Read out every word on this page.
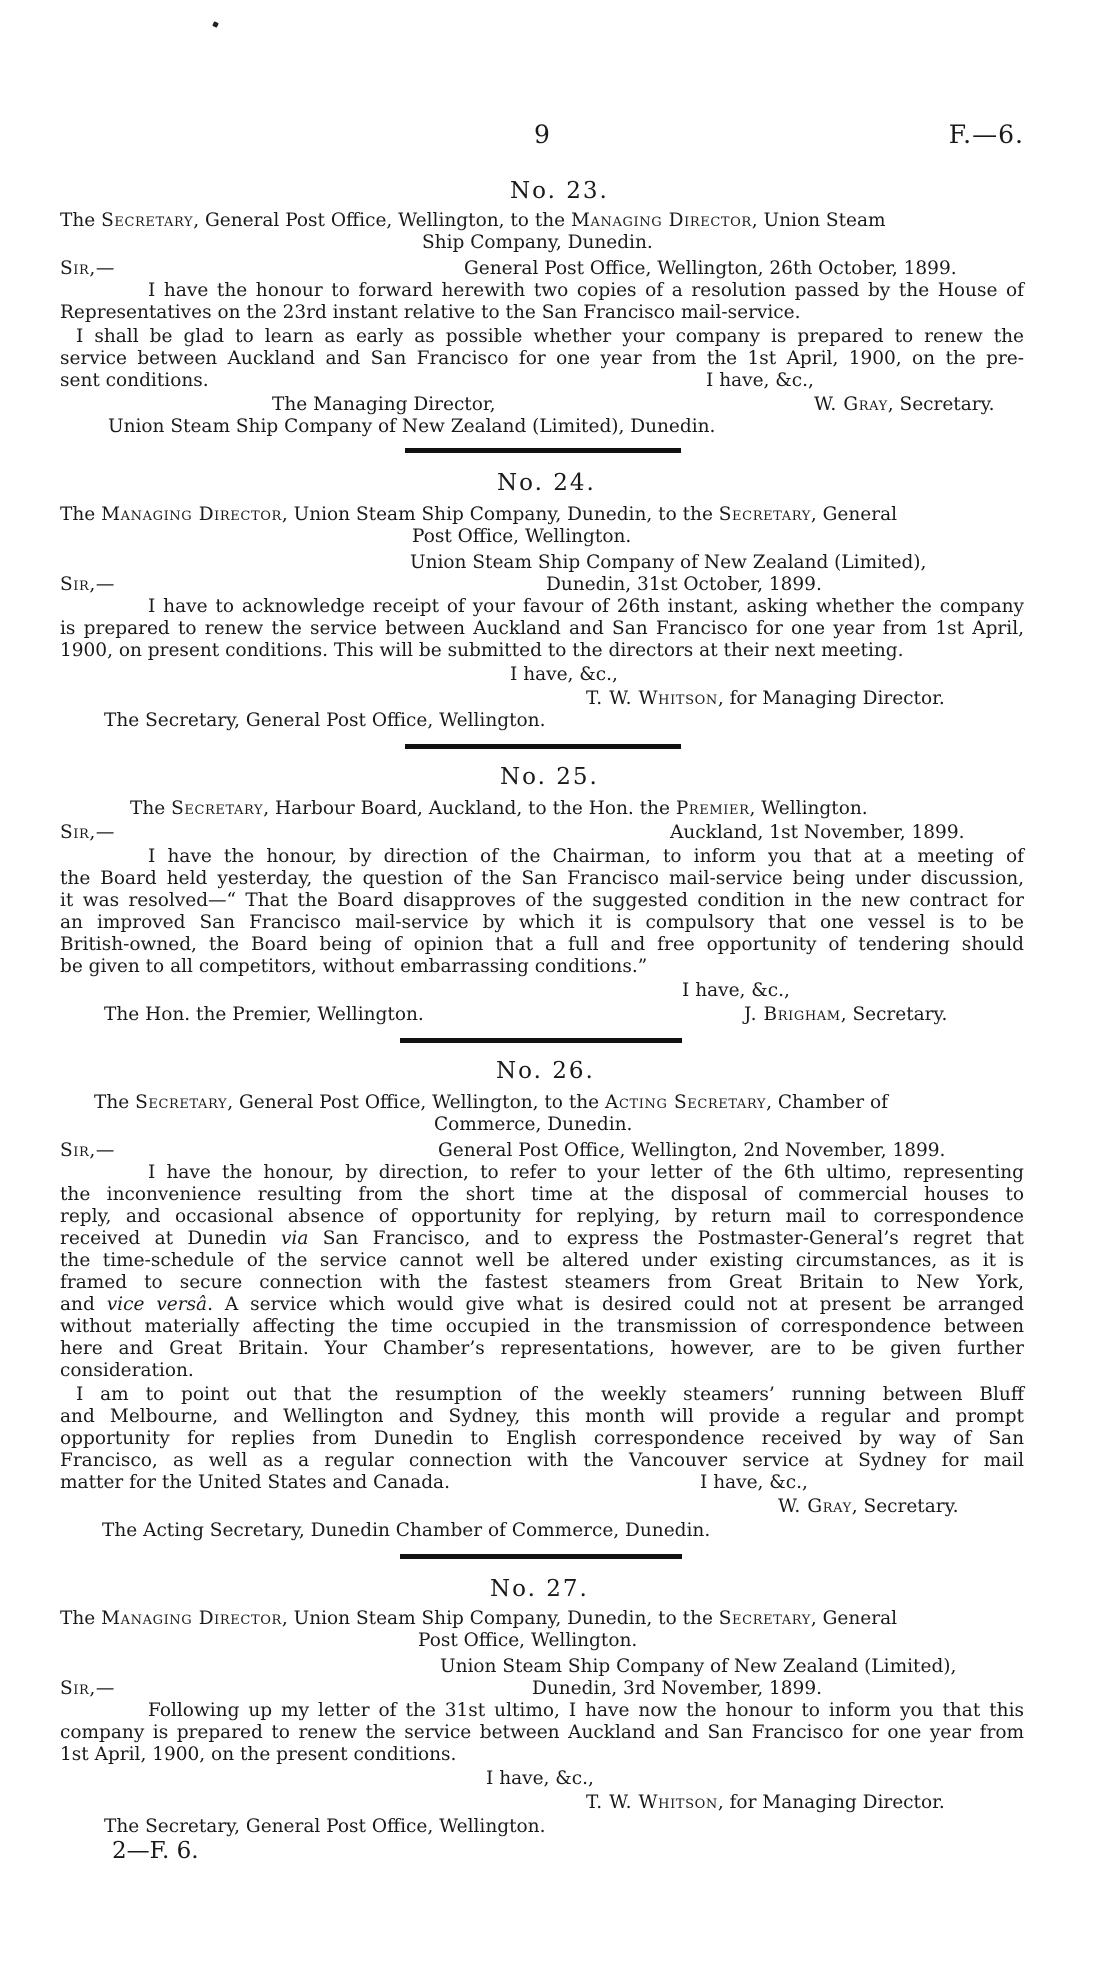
9	F.—6.
No. 23.
The Secretary, General Post Office, Wellington, to the Managing Director, Union Steam
Ship Company, Dunedin.
Sir,—	General Post Office, Wellington, 26th October, 1899.
I have the honour to forward herewith two copies of a resolution passed by the House of
Representatives on the 23rd instant relative to the San Francisco mail-service.
I shall be glad to learn as early as possible whether your company is prepared to renew the
service between Auckland and San Francisco for one year from the 1st April, 1900, on the pre-
sent conditions.	I have, &c.,
The Managing Director,	W. Gray, Secretary.
Union Steam Ship Company of New Zealand (Limited), Dunedin.
No. 24.
The Managing Director, Union Steam Ship Company, Dunedin, to the Secretary, General
Post Office, Wellington.
Union Steam Ship Company of New Zealand (Limited),
Sir,—	Dunedin, 31st October, 1899.
I have to acknowledge receipt of your favour of 26th instant, asking whether the company
is prepared to renew the service between Auckland and San Francisco for one year from 1st April,
1900, on present conditions. This will be submitted to the directors at their next meeting.
I have, &c.,
T. W. Whitson, for Managing Director.
The Secretary, General Post Office, Wellington.
No. 25.
The Secretary, Harbour Board, Auckland, to the Hon. the Premier, Wellington.
Sir,—	Auckland, 1st November, 1899.
I have the honour, by direction of the Chairman, to inform you that at a meeting of
the Board held yesterday, the question of the San Francisco mail-service being under discussion,
it was resolved—“ That the Board disapproves of the suggested condition in the new contract for
an improved San Francisco mail-service by which it is compulsory that one vessel is to be
British-owned, the Board being of opinion that a full and free opportunity of tendering should
be given to all competitors, without embarrassing conditions.”
I have, &c.,
The Hon. the Premier, Wellington.	J. Brigham, Secretary.
No. 26.
The Secretary, General Post Office, Wellington, to the Acting Secretary, Chamber of
Commerce, Dunedin.
Sir,—	General Post Office, Wellington, 2nd November, 1899.
I have the honour, by direction, to refer to your letter of the 6th ultimo, representing
the inconvenience resulting from the short time at the disposal of commercial houses to
reply, and occasional absence of opportunity for replying, by return mail to correspondence
received at Dunedin via San Francisco, and to express the Postmaster-General’s regret that
the time-schedule of the service cannot well be altered under existing circumstances, as it is
framed to secure connection with the fastest steamers from Great Britain to New York,
and vice versâ. A service which would give what is desired could not at present be arranged
without materially affecting the time occupied in the transmission of correspondence between
here and Great Britain. Your Chamber’s representations, however, are to be given further
consideration.
I am to point out that the resumption of the weekly steamers’ running between Bluff
and Melbourne, and Wellington and Sydney, this month will provide a regular and prompt
opportunity for replies from Dunedin to English correspondence received by way of San
Francisco, as well as a regular connection with the Vancouver service at Sydney for mail
matter for the United States and Canada.	I have, &c.,
W. Gray, Secretary.
The Acting Secretary, Dunedin Chamber of Commerce, Dunedin.
No. 27.
The Managing Director, Union Steam Ship Company, Dunedin, to the Secretary, General
Post Office, Wellington.
Union Steam Ship Company of New Zealand (Limited),
Sir,—	Dunedin, 3rd November, 1899.
Following up my letter of the 31st ultimo, I have now the honour to inform you that this
company is prepared to renew the service between Auckland and San Francisco for one year from
1st April, 1900, on the present conditions.
I have, &c.,
T. W. Whitson, for Managing Director.
The Secretary, General Post Office, Wellington.
2—F. 6.
